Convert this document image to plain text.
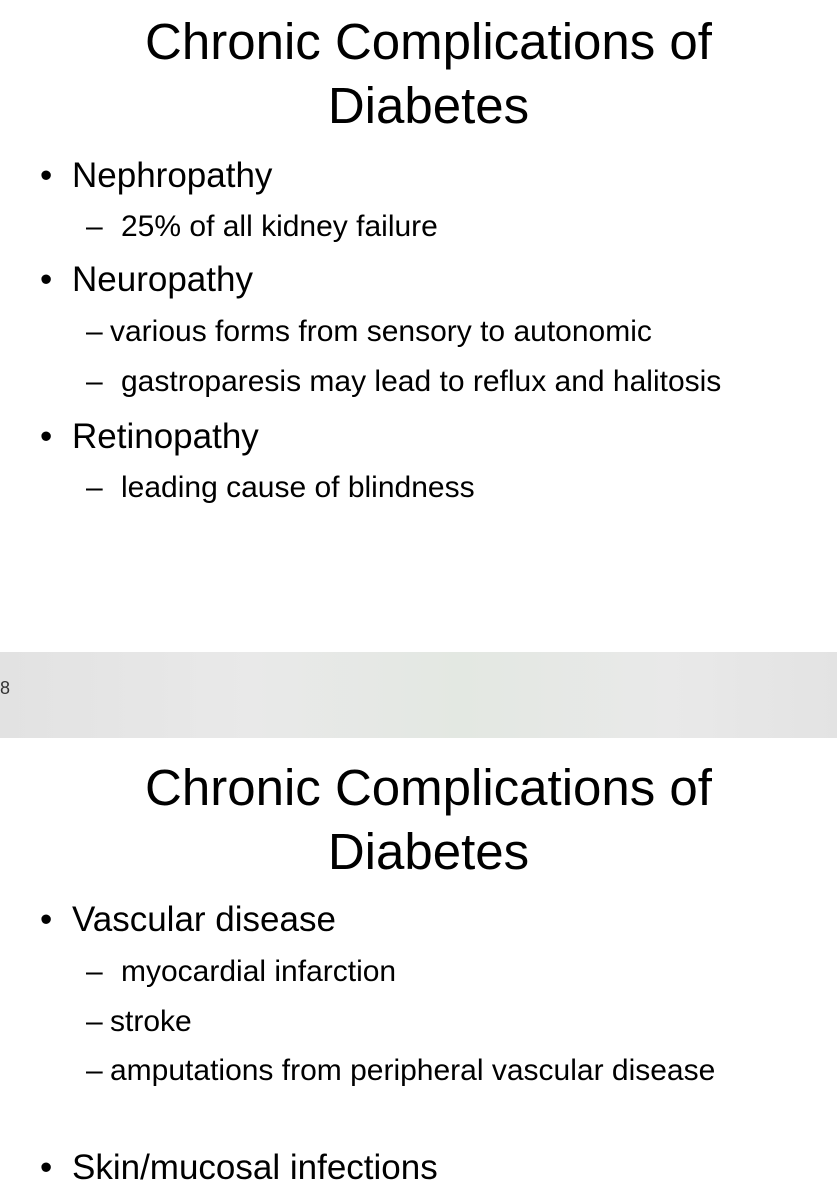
Chronic Complications of
Diabetes
• Nephropathy
– 25% of all kidney failure
• Neuropathy
– various forms from sensory to autonomic
– gastroparesis may lead to reflux and halitosis
• Retinopathy
– leading cause of blindness
8
Chronic Complications of
Diabetes
• Vascular disease
– myocardial infarction
– stroke
– amputations from peripheral vascular disease
• Skin/mucosal infections
